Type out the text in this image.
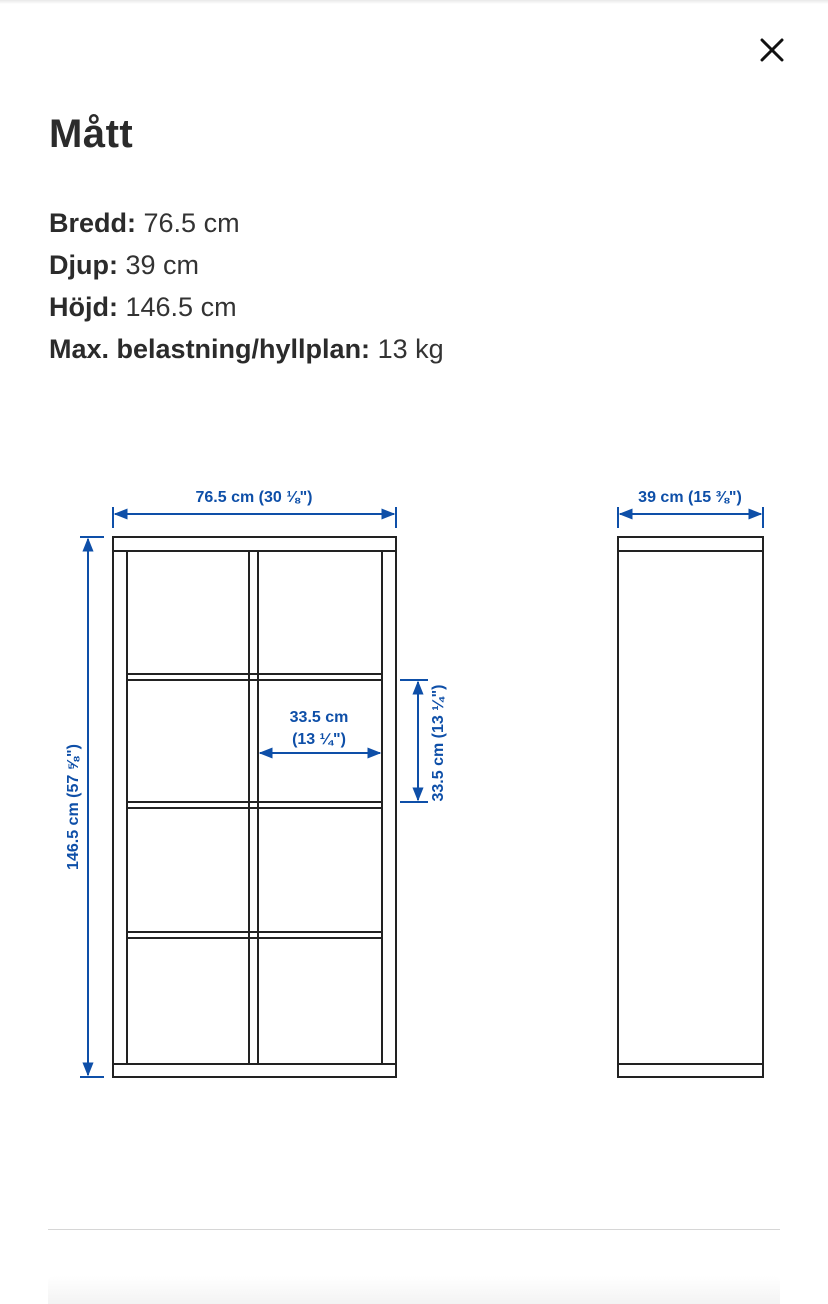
Mått
Bredd: 76.5 cm
Djup: 39 cm
Höjd: 146.5 cm
Max. belastning/hyllplan: 13 kg
76.5 cm (30 ⅛")
146.5 cm (57 ⅝")
33.5 cm
(13 ¼")	33.5 cm (13 ¼")
39 cm (15 ⅜")
